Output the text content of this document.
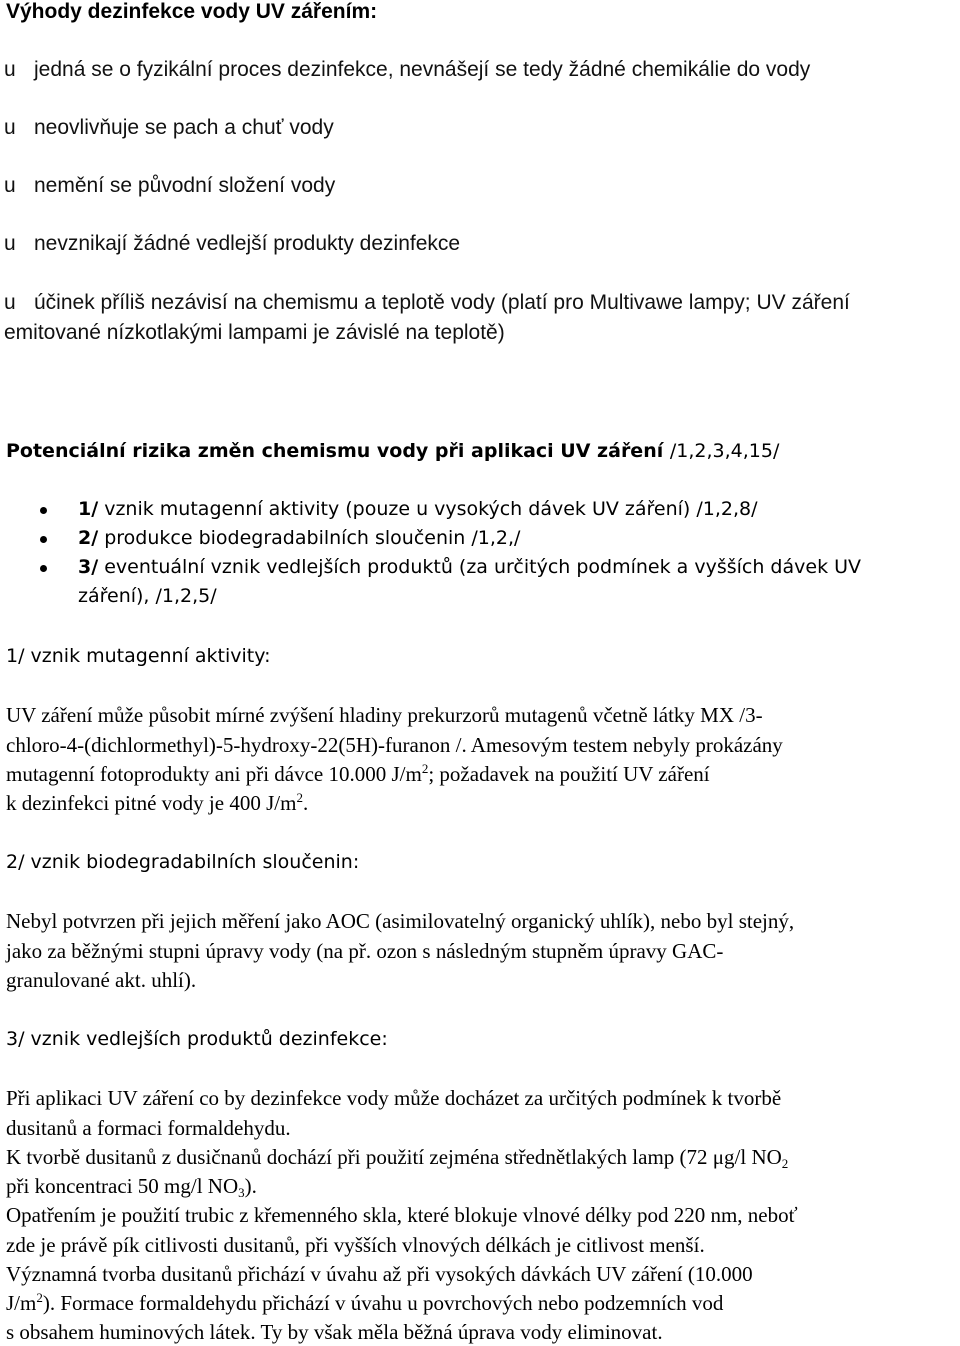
Výhody dezinfekce vody UV zářením:
u jedná se o fyzikální proces dezinfekce, nevnášejí se tedy žádné chemikálie do vody
u neovlivňuje se pach a chuť vody
u nemění se původní složení vody
u nevznikají žádné vedlejší produkty dezinfekce
u účinek příliš nezávisí na chemismu a teplotě vody (platí pro Multivawe lampy; UV záření
emitované nízkotlakými lampami je závislé na teplotě)
Potenciální rizika změn chemismu vody při aplikaci UV záření /1,2,3,4,15/
1/ vznik mutagenní aktivity (pouze u vysokých dávek UV záření) /1,2,8/
2/ produkce biodegradabilních sloučenin /1,2,/
3/ eventuální vznik vedlejších produktů (za určitých podmínek a vyšších dávek UV
záření), /1,2,5/
1/ vznik mutagenní aktivity:
UV záření může působit mírné zvýšení hladiny prekurzorů mutagenů včetně látky MX /3-
chloro-4-(dichlormethyl)-5-hydroxy-22(5H)-furanon /. Amesovým testem nebyly prokázány
mutagenní fotoprodukty ani při dávce 10.000 $J/m^2$; požadavek na použití UV záření
k dezinfekci pitné vody je 400 $J/m^2$.
2/ vznik biodegradabilních sloučenin:
Nebyl potvrzen při jejich měření jako AOC (asimilovatelný organický uhlík), nebo byl stejný,
jako za běžnými stupni úpravy vody (na př. ozon s následným stupněm úpravy GAC-
granulované akt. uhlí).
3/ vznik vedlejších produktů dezinfekce:
Při aplikaci UV záření co by dezinfekce vody může docházet za určitých podmínek k tvorbě
dusitanů a formaci formaldehydu.
K tvorbě dusitanů z dusičnanů dochází při použití zejména střednětlakých lamp (72 μg/l $NO_2$
při koncentraci 50 mg/l $NO_3$).
Opatřením je použití trubic z křemenného skla, které blokuje vlnové délky pod 220 nm, neboť
zde je právě pík citlivosti dusitanů, při vyšších vlnových délkách je citlivost menší.
Významná tvorba dusitanů přichází v úvahu až při vysokých dávkách UV záření (10.000
$J/m^2$). Formace formaldehydu přichází v úvahu u povrchových nebo podzemních vod
s obsahem huminových látek. Ty by však měla běžná úprava vody eliminovat.
